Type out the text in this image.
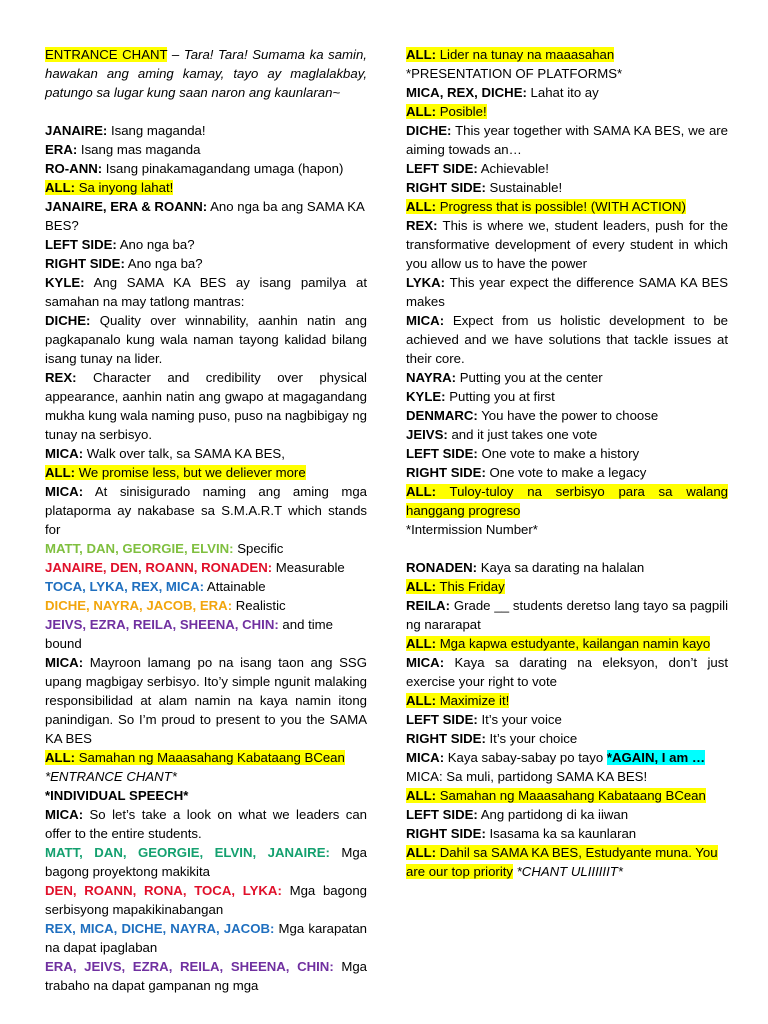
ENTRANCE CHANT – Tara! Tara! Sumama ka samin, hawakan ang aming kamay, tayo ay maglalakbay, patungo sa lugar kung saan naron ang kaunlaran~
JANAIRE: Isang maganda!
ERA: Isang mas maganda
RO-ANN: Isang pinakamagandang umaga (hapon)
ALL: Sa inyong lahat!
JANAIRE, ERA & ROANN: Ano nga ba ang SAMA KA BES?
LEFT SIDE: Ano nga ba?
RIGHT SIDE: Ano nga ba?
KYLE: Ang SAMA KA BES ay isang pamilya at samahan na may tatlong mantras:
DICHE: Quality over winnability, aanhin natin ang pagkapanalo kung wala naman tayong kalidad bilang isang tunay na lider.
REX: Character and credibility over physical appearance, aanhin natin ang gwapo at magagandang mukha kung wala naming puso, puso na nagbibigay ng tunay na serbisyo.
MICA: Walk over talk, sa SAMA KA BES,
ALL: We promise less, but we deliever more
MICA: At sinisigurado naming ang aming mga plataporma ay nakabase sa S.M.A.R.T which stands for
MATT, DAN, GEORGIE, ELVIN: Specific
JANAIRE, DEN, ROANN, RONADEN: Measurable
TOCA, LYKA, REX, MICA: Attainable
DICHE, NAYRA, JACOB, ERA: Realistic
JEIVS, EZRA, REILA, SHEENA, CHIN: and time bound
MICA: Mayroon lamang po na isang taon ang SSG upang magbigay serbisyo. Ito’y simple ngunit malaking responsibilidad at alam namin na kaya namin itong panindigan. So I’m proud to present to you the SAMA KA BES
ALL: Samahan ng Maaasahang Kabataang BCean
*ENTRANCE CHANT*
*INDIVIDUAL SPEECH*
MICA: So let’s take a look on what we leaders can offer to the entire students.
MATT, DAN, GEORGIE, ELVIN, JANAIRE: Mga bagong proyektong makikita
DEN, ROANN, RONA, TOCA, LYKA: Mga bagong serbisyong mapakikinabangan
REX, MICA, DICHE, NAYRA, JACOB: Mga karapatan na dapat ipaglaban
ERA, JEIVS, EZRA, REILA, SHEENA, CHIN: Mga trabaho na dapat gampanan ng mga
ALL: Lider na tunay na maaasahan
*PRESENTATION OF PLATFORMS*
MICA, REX, DICHE: Lahat ito ay
ALL: Posible!
DICHE: This year together with SAMA KA BES, we are aiming towads an…
LEFT SIDE: Achievable!
RIGHT SIDE: Sustainable!
ALL: Progress that is possible! (WITH ACTION)
REX: This is where we, student leaders, push for the transformative development of every student in which you allow us to have the power
LYKA: This year expect the difference SAMA KA BES makes
MICA: Expect from us holistic development to be achieved and we have solutions that tackle issues at their core.
NAYRA: Putting you at the center
KYLE: Putting you at first
DENMARC: You have the power to choose
JEIVS: and it just takes one vote
LEFT SIDE: One vote to make a history
RIGHT SIDE: One vote to make a legacy
ALL: Tuloy-tuloy na serbisyo para sa walang hanggang progreso
*Intermission Number*
RONADEN: Kaya sa darating na halalan
ALL: This Friday
REILA: Grade __ students deretso lang tayo sa pagpili ng nararapat
ALL: Mga kapwa estudyante, kailangan namin kayo
MICA: Kaya sa darating na eleksyon, don’t just exercise your right to vote
ALL: Maximize it!
LEFT SIDE: It’s your voice
RIGHT SIDE: It’s your choice
MICA: Kaya sabay-sabay po tayo *AGAIN, I am …
MICA: Sa muli, partidong SAMA KA BES!
ALL: Samahan ng Maaasahang Kabataang BCean
LEFT SIDE: Ang partidong di ka iiwan
RIGHT SIDE: Isasama ka sa kaunlaran
ALL: Dahil sa SAMA KA BES, Estudyante muna. You are our top priority *CHANT ULIIIIIIT*
